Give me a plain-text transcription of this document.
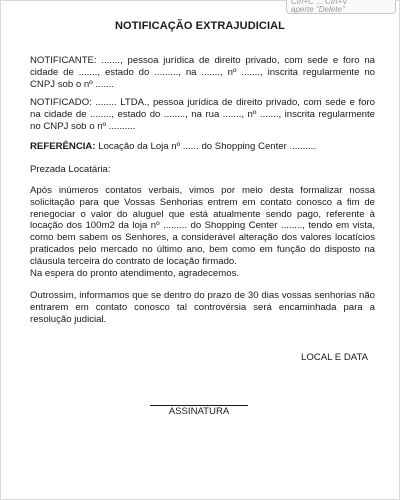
Ctrl+C ... Ctrl+V
aperte "Delete"
NOTIFICAÇÃO EXTRAJUDICIAL

NOTIFICANTE: ......., pessoa jurídica de direito privado, com sede e foro na cidade de ......., estado do ........., na ......., nº ......., inscrita regularmente no CNPJ sob o nº .......

NOTIFICADO: ........ LTDA., pessoa jurídica de direito privado, com sede e foro na cidade de ........, estado do ........, na rua ......., nº ......., inscrita regularmente no CNPJ sob o nº ..........

REFERÊNCIA: Locação da Loja nº ...... do Shopping Center ..........

Prezada Locatária:

Após inúmeros contatos verbais, vimos por meio desta formalizar nossa solicitação para que Vossas Senhorias entrem em contato conosco a fim de renegociar o valor do aluguel que está atualmente sendo pago, referente à locação dos 100m2 da loja nº ......... do Shopping Center ........, tendo em vista, como bem sabem os Senhores, a considerável alteração dos valores locatícios praticados pelo mercado no último ano, bem como em função do disposto na cláusula terceira do contrato de locação firmado.

Na espera do pronto atendimento, agradecemos.

Outrossim, informamos que se dentro do prazo de 30 dias vossas senhorias não entrarem em contato conosco tal controvérsia será encaminhada para a resolução judicial.

LOCAL E DATA
ASSINATURA
